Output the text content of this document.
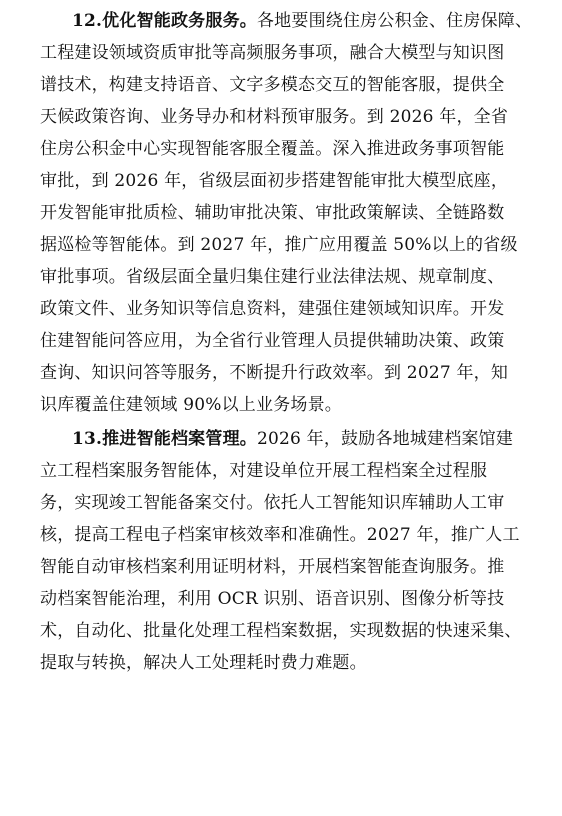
12.优化智能政务服务。各地要围绕住房公积金、住房保障、
工程建设领域资质审批等高频服务事项，融合大模型与知识图
谱技术，构建支持语音、文字多模态交互的智能客服，提供全
天候政策咨询、业务导办和材料预审服务。到 2026 年，全省
住房公积金中心实现智能客服全覆盖。深入推进政务事项智能
审批，到 2026 年，省级层面初步搭建智能审批大模型底座，
开发智能审批质检、辅助审批决策、审批政策解读、全链路数
据巡检等智能体。到 2027 年，推广应用覆盖 50%以上的省级
审批事项。省级层面全量归集住建行业法律法规、规章制度、
政策文件、业务知识等信息资料，建强住建领域知识库。开发
住建智能问答应用，为全省行业管理人员提供辅助决策、政策
查询、知识问答等服务，不断提升行政效率。到 2027 年，知
识库覆盖住建领域 90%以上业务场景。
13.推进智能档案管理。2026 年，鼓励各地城建档案馆建
立工程档案服务智能体，对建设单位开展工程档案全过程服
务，实现竣工智能备案交付。依托人工智能知识库辅助人工审
核，提高工程电子档案审核效率和准确性。2027 年，推广人工
智能自动审核档案利用证明材料，开展档案智能查询服务。推
动档案智能治理，利用 OCR 识别、语音识别、图像分析等技
术，自动化、批量化处理工程档案数据，实现数据的快速采集、
提取与转换，解决人工处理耗时费力难题。
